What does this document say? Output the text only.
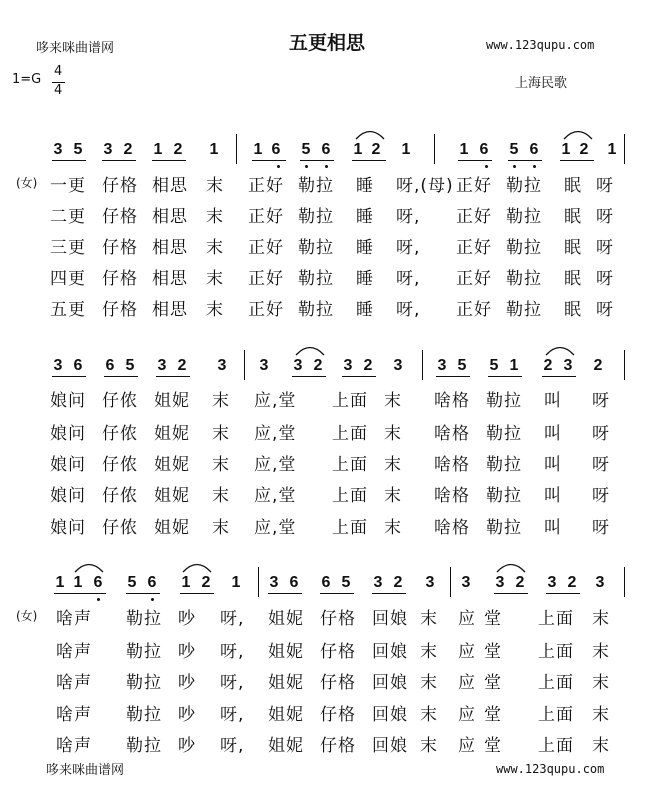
哆来咪曲谱网	五更相思	www.123qupu.com
1=G
4
4	上海民歌
3 5 3 2 1 2 1 1 6 5 6 1 2 1	1 6 5 6 1 2 1
(女) 一更 仔格 相思 末 正好 勒拉 睡 呀,(母) 正好 勒拉 眠 呀
二更 仔格 相思 末 正好 勒拉 睡 呀, 正好 勒拉 眠 呀
三更 仔格 相思 末 正好 勒拉 睡 呀, 正好 勒拉 眠 呀
四更 仔格 相思 末 正好 勒拉 睡 呀, 正好 勒拉 眠 呀
五更 仔格 相思 末 正好 勒拉 睡 呀, 正好 勒拉 眠 呀
3 6 6 5 3 2 3 3 3 2 3 2 3 3 5 5 1 2 3 2
娘问 仔侬 姐妮 末 应,堂 上面 末 啥格 勒拉 叫 呀
娘问 仔侬 姐妮 末 应,堂 上面 末 啥格 勒拉 叫 呀
娘问 仔侬 姐妮 末 应,堂 上面 末 啥格 勒拉 叫 呀
娘问 仔侬 姐妮 末 应,堂 上面 末 啥格 勒拉 叫 呀
娘问 仔侬 姐妮 末 应,堂 上面 末 啥格 勒拉 叫 呀
1 1 6 5 6 1 2 1 3 6 6 5 3 2 3 3 3 2 3 2 3
(女) 啥声 勒拉 吵 呀, 姐妮 仔格 回娘 末 应 堂 上面 末
啥声 勒拉 吵 呀, 姐妮 仔格 回娘 末 应 堂 上面 末
啥声 勒拉 吵 呀, 姐妮 仔格 回娘 末 应 堂 上面 末
啥声 勒拉 吵 呀, 姐妮 仔格 回娘 末 应 堂 上面 末
啥声 勒拉 吵 呀, 姐妮 仔格 回娘 末 应 堂 上面 末
哆来咪曲谱网	www.123qupu.com
